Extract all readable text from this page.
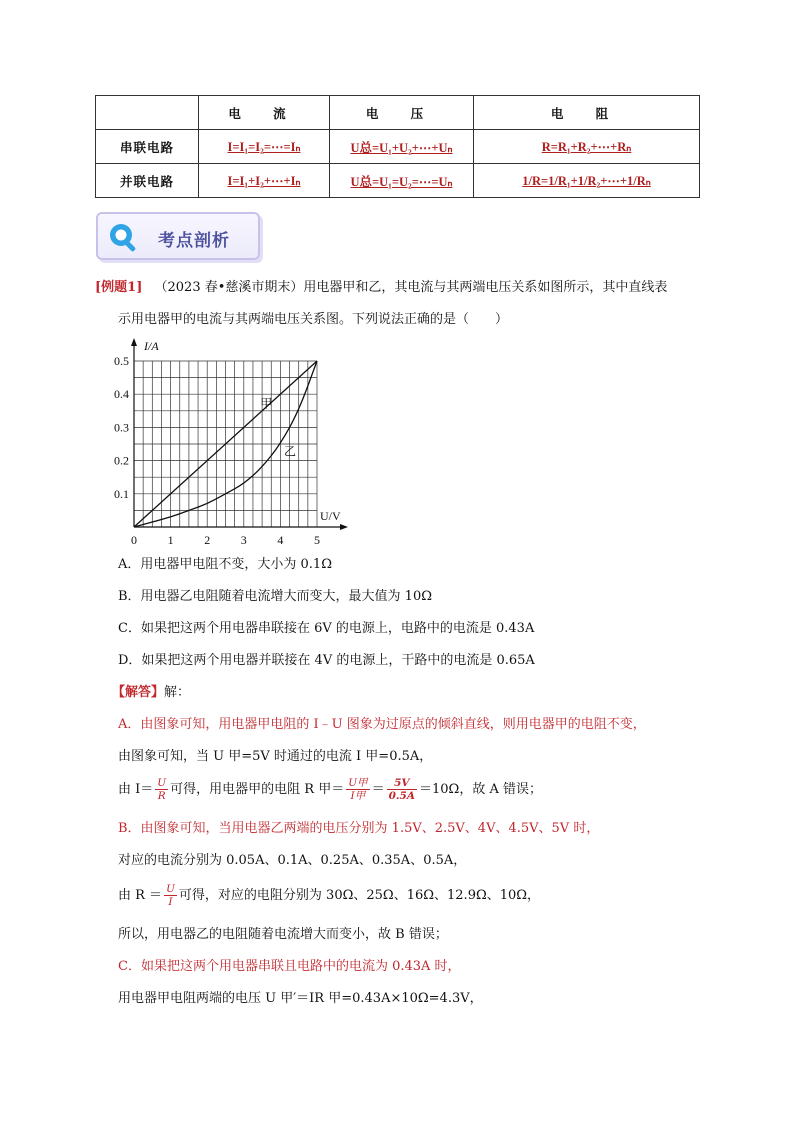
	电 流	电 压	电 阻
串联电路	I=I₁=I₂=⋯=Iₙ	U总=U₁+U₂+⋯+Uₙ	R=R₁+R₂+⋯+Rₙ
并联电路	I=I₁+I₂+⋯+Iₙ	U总=U₁=U₂=⋯=Uₙ	1/R=1/R₁+1/R₂+⋯+1/Rₙ
考点剖析
[例题1] （2023 春•慈溪市期末）用电器甲和乙，其电流与其两端电压关系如图所示，其中直线表
示用电器甲的电流与其两端电压关系图。下列说法正确的是（　　）
0	1	2	3	4	5
0.1
0.2
0.3
0.4
0.5
I/A
U/V
甲
乙
A．用电器甲电阻不变，大小为 0.1Ω
B．用电器乙电阻随着电流增大而变大，最大值为 10Ω
C．如果把这两个用电器串联接在 6V 的电源上，电路中的电流是 0.43A
D．如果把这两个用电器并联接在 4V 的电源上，干路中的电流是 0.65A
【解答】解：
A．由图象可知，用电器甲电阻的 I﹣U 图象为过原点的倾斜直线，则用电器甲的电阻不变，
由图象可知，当 U 甲=5V 时通过的电流 I 甲=0.5A，
由 $I= \frac{U}{R}$ 可得，用电器甲的电阻 R 甲＝ $\frac{\text{U甲}}{\text{I甲}} = \frac{5V}{0.5A} =10\Omega$，故 A 错误；
B．由图象可知，当用电器乙两端的电压分别为 1.5V、2.5V、4V、4.5V、5V 时，
对应的电流分别为 0.05A、0.1A、0.25A、0.35A、0.5A，
由 $R = \frac{U}{I}$ 可得，对应的电阻分别为 30Ω、25Ω、16Ω、12.9Ω、10Ω，
所以，用电器乙的电阻随着电流增大而变小，故 B 错误；
C．如果把这两个用电器串联且电路中的电流为 0.43A 时，
用电器甲电阻两端的电压 U 甲′＝IR 甲=0.43A×10Ω=4.3V，
